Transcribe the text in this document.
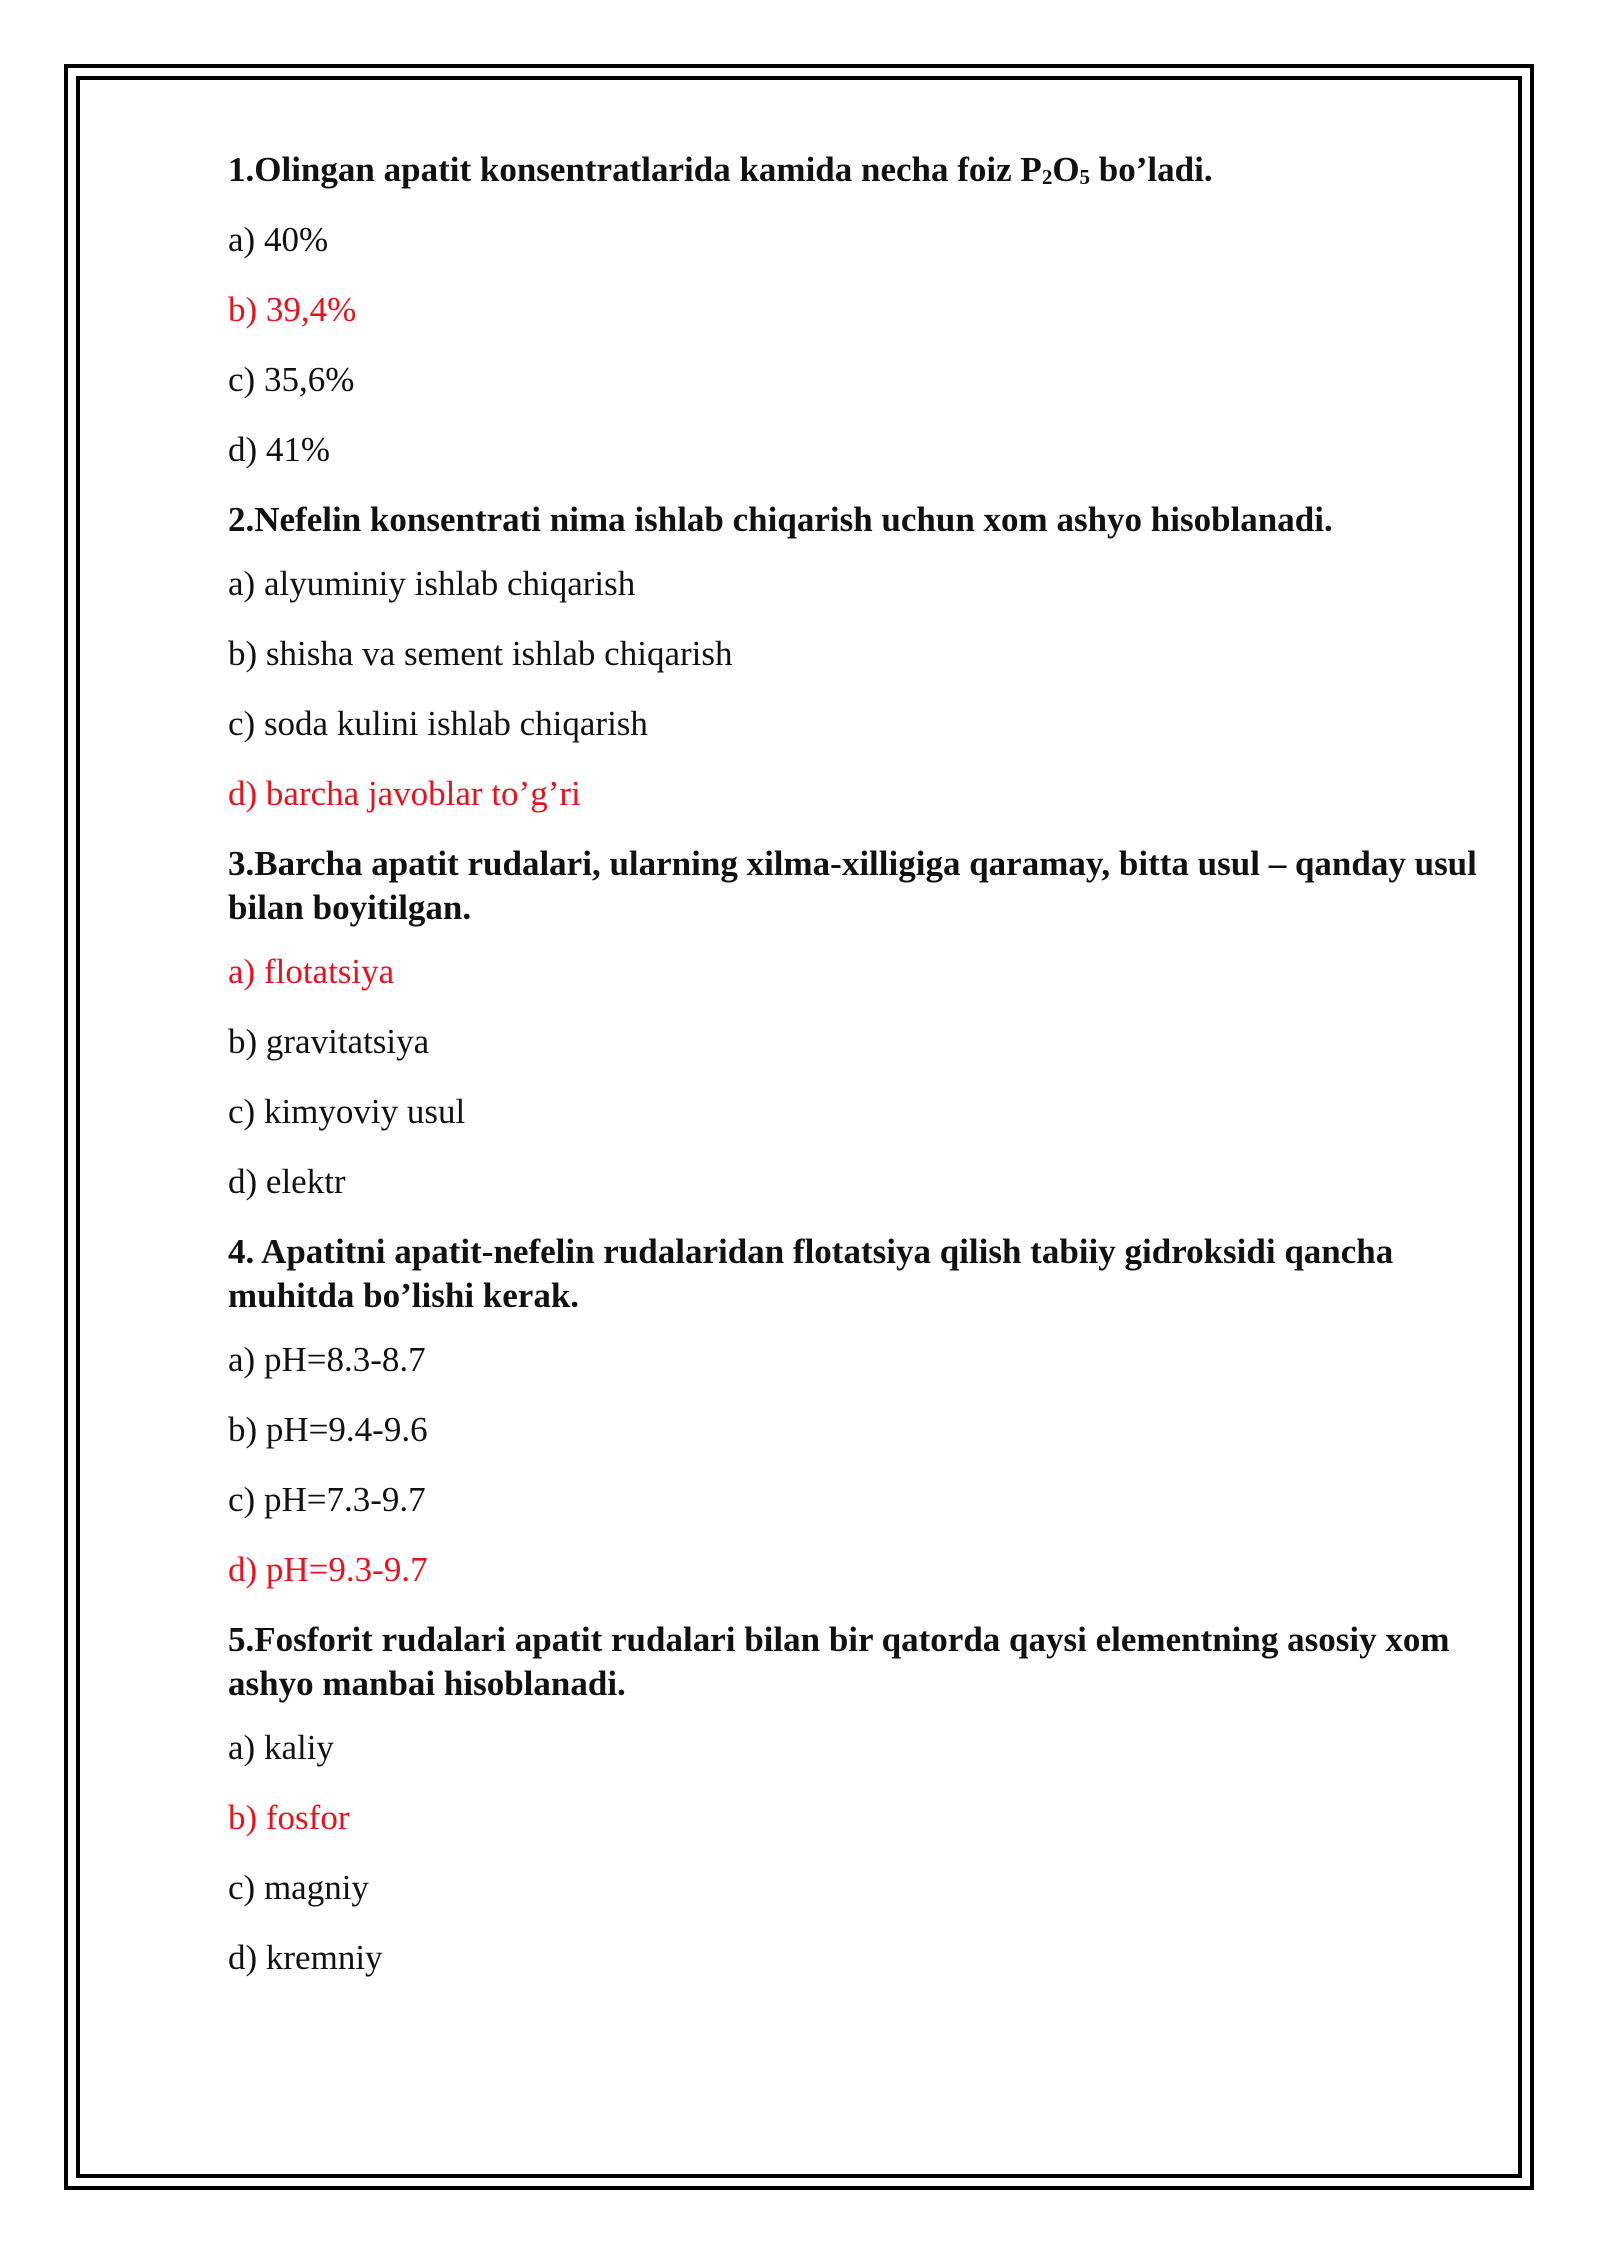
1.Olingan apatit konsentratlarida kamida necha foiz $P_2O_5$ bo’ladi.

a) 40%

b) 39,4%

c) 35,6%

d) 41%

2.Nefelin konsentrati nima ishlab chiqarish uchun xom ashyo hisoblanadi.

a) alyuminiy ishlab chiqarish

b) shisha va sement ishlab chiqarish

c) soda kulini ishlab chiqarish

d) barcha javoblar to’g’ri

3.Barcha apatit rudalari, ularning xilma-xilligiga qaramay, bitta usul – qanday usul bilan boyitilgan.

a) flotatsiya

b) gravitatsiya

c) kimyoviy usul

d) elektr

4. Apatitni apatit-nefelin rudalaridan flotatsiya qilish tabiiy gidroksidi qancha muhitda bo’lishi kerak.

a) pH=8.3-8.7

b) pH=9.4-9.6

c) pH=7.3-9.7

d) pH=9.3-9.7

5.Fosforit rudalari apatit rudalari bilan bir qatorda qaysi elementning asosiy xom ashyo manbai hisoblanadi.

a) kaliy

b) fosfor

c) magniy

d) kremniy
